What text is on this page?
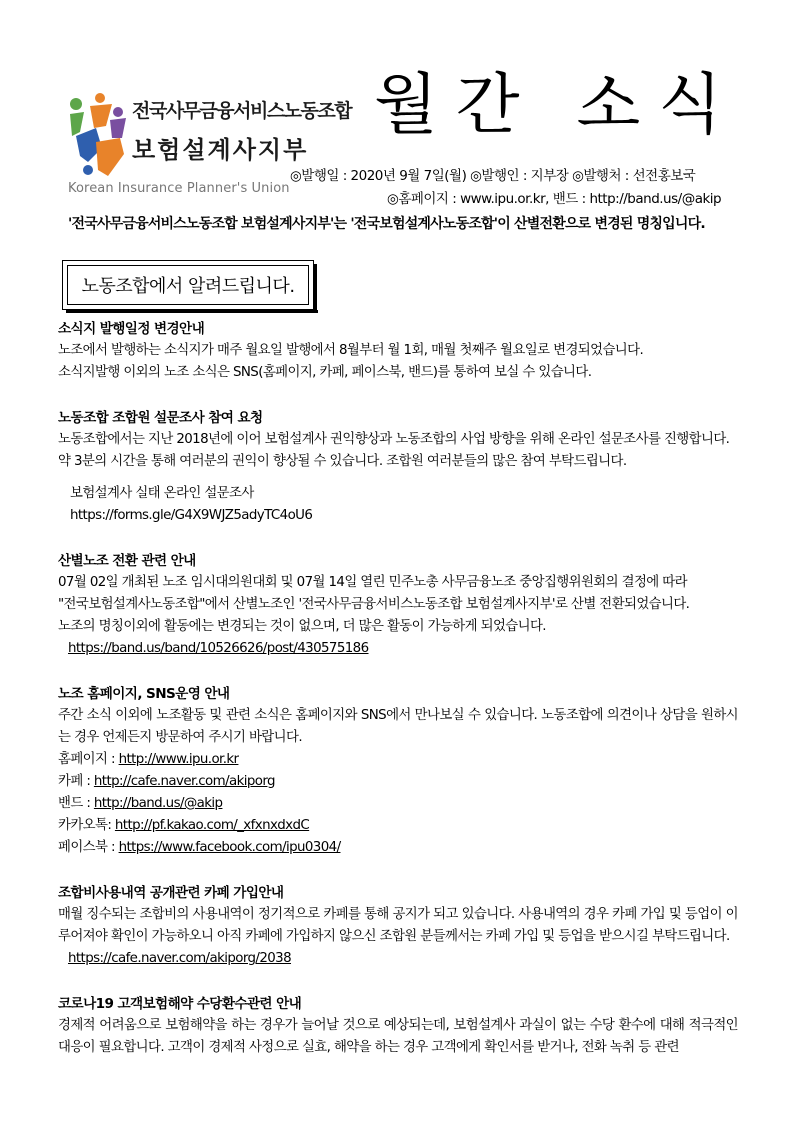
전국사무금융서비스노동조합
보험설계사지부
Korean Insurance Planner's Union
월간 소식
◎발행일 : 2020년 9월 7일(월) ◎발행인 : 지부장 ◎발행처 : 선전홍보국
◎홈페이지 : www.ipu.or.kr, 밴드 : http://band.us/@akip
'전국사무금융서비스노동조합 보험설계사지부'는 '전국보험설계사노동조합'이 산별전환으로 변경된 명칭입니다.
노동조합에서 알려드립니다.
소식지 발행일정 변경안내
노조에서 발행하는 소식지가 매주 월요일 발행에서 8월부터 월 1회, 매월 첫째주 월요일로 변경되었습니다.
소식지발행 이외의 노조 소식은 SNS(홈페이지, 카페, 페이스북, 밴드)를 통하여 보실 수 있습니다.
노동조합 조합원 설문조사 참여 요청
노동조합에서는 지난 2018년에 이어 보험설계사 권익향상과 노동조합의 사업 방향을 위해 온라인 설문조사를 진행합니다.
약 3분의 시간을 통해 여러분의 권익이 향상될 수 있습니다. 조합원 여러분들의 많은 참여 부탁드립니다.
보험설계사 실태 온라인 설문조사
https://forms.gle/G4X9WJZ5adyTC4oU6
산별노조 전환 관련 안내
07월 02일 개최된 노조 임시대의원대회 및 07월 14일 열린 민주노총 사무금융노조 중앙집행위원회의 결정에 따라
"전국보험설계사노동조합"에서 산별노조인 '전국사무금융서비스노동조합 보험설계사지부'로 산별 전환되었습니다.
노조의 명칭이외에 활동에는 변경되는 것이 없으며, 더 많은 활동이 가능하게 되었습니다.
https://band.us/band/10526626/post/430575186
노조 홈페이지, SNS운영 안내
주간 소식 이외에 노조활동 및 관련 소식은 홈페이지와 SNS에서 만나보실 수 있습니다. 노동조합에 의견이나 상담을 원하시는 경우 언제든지 방문하여 주시기 바랍니다.
홈페이지 : http://www.ipu.or.kr
카페 : http://cafe.naver.com/akiporg
밴드 : http://band.us/@akip
카카오톡: http://pf.kakao.com/_xfxnxdxdC
페이스북 : https://www.facebook.com/ipu0304/
조합비사용내역 공개관련 카페 가입안내
매월 징수되는 조합비의 사용내역이 정기적으로 카페를 통해 공지가 되고 있습니다. 사용내역의 경우 카페 가입 및 등업이 이루어져야 확인이 가능하오니 아직 카페에 가입하지 않으신 조합원 분들께서는 카페 가입 및 등업을 받으시길 부탁드립니다.
https://cafe.naver.com/akiporg/2038
코로나19 고객보험해약 수당환수관련 안내
경제적 어려움으로 보험해약을 하는 경우가 늘어날 것으로 예상되는데, 보험설계사 과실이 없는 수당 환수에 대해 적극적인 대응이 필요합니다. 고객이 경제적 사정으로 실효, 해약을 하는 경우 고객에게 확인서를 받거나, 전화 녹취 등 관련
